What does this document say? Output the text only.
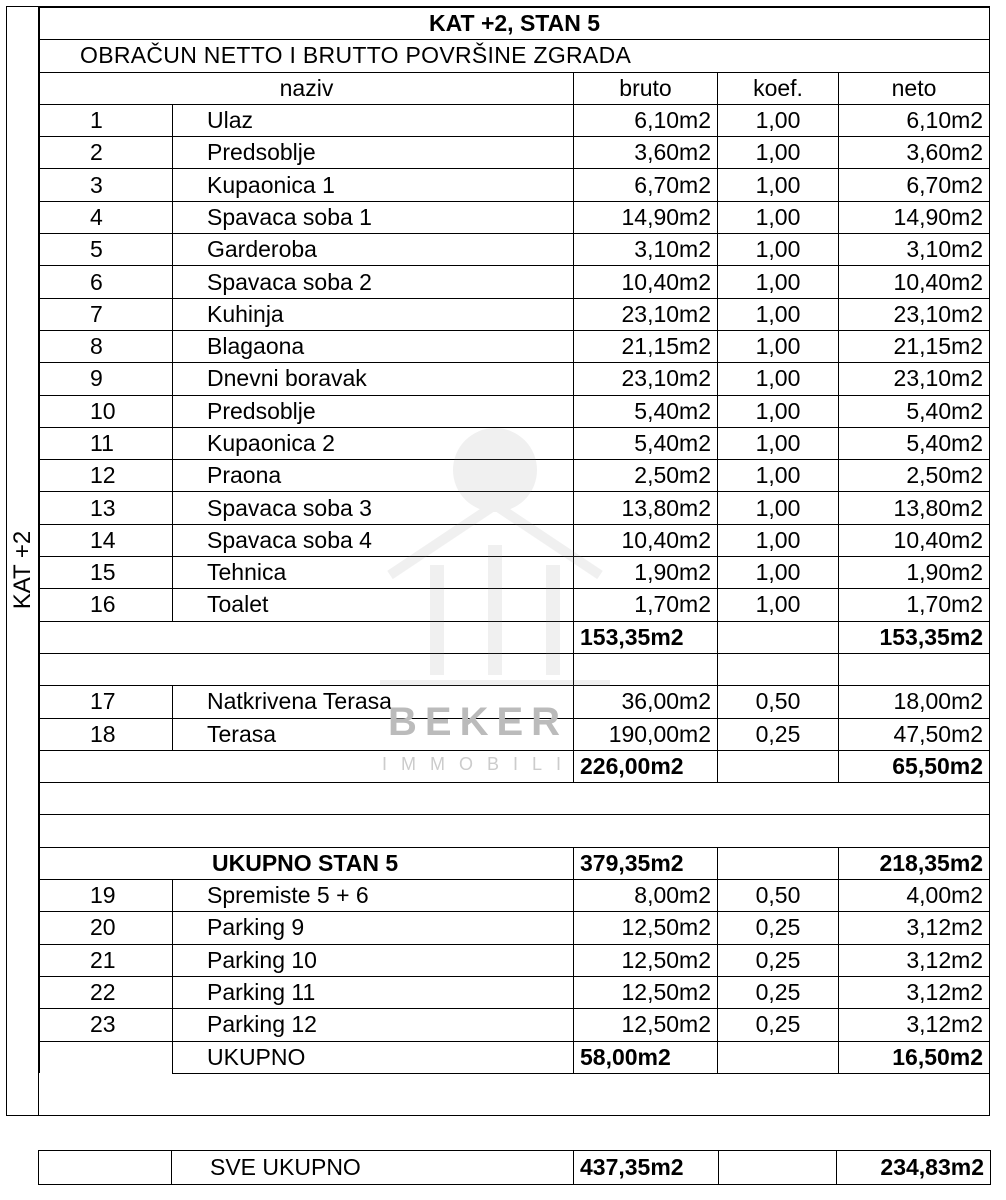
KAT +2
KAT +2, STAN 5				
OBRAČUN NETTO I BRUTTO POVRŠINE ZGRADA				
naziv		bruto	koef.	neto
1	Ulaz	6,10m2	1,00	6,10m2
2	Predsoblje	3,60m2	1,00	3,60m2
3	Kupaonica 1	6,70m2	1,00	6,70m2
4	Spavaca soba 1	14,90m2	1,00	14,90m2
5	Garderoba	3,10m2	1,00	3,10m2
6	Spavaca soba 2	10,40m2	1,00	10,40m2
7	Kuhinja	23,10m2	1,00	23,10m2
8	Blagaona	21,15m2	1,00	21,15m2
9	Dnevni boravak	23,10m2	1,00	23,10m2
10	Predsoblje	5,40m2	1,00	5,40m2
11	Kupaonica 2	5,40m2	1,00	5,40m2
12	Praona	2,50m2	1,00	2,50m2
13	Spavaca soba 3	13,80m2	1,00	13,80m2
14	Spavaca soba 4	10,40m2	1,00	10,40m2
15	Tehnica	1,90m2	1,00	1,90m2
16	Toalet	1,70m2	1,00	1,70m2
		153,35m2		153,35m2

17	Natkrivena Terasa	36,00m2	0,50	18,00m2
18	Terasa	190,00m2	0,25	47,50m2
		226,00m2		65,50m2

UKUPNO STAN 5		379,35m2		218,35m2
19	Spremiste 5 + 6	8,00m2	0,50	4,00m2
20	Parking 9	12,50m2	0,25	3,12m2
21	Parking 10	12,50m2	0,25	3,12m2
22	Parking 11	12,50m2	0,25	3,12m2
23	Parking 12	12,50m2	0,25	3,12m2
	UKUPNO	58,00m2		16,50m2
	SVE UKUPNO	437,35m2		234,83m2
BEKER
IMMOBILI
